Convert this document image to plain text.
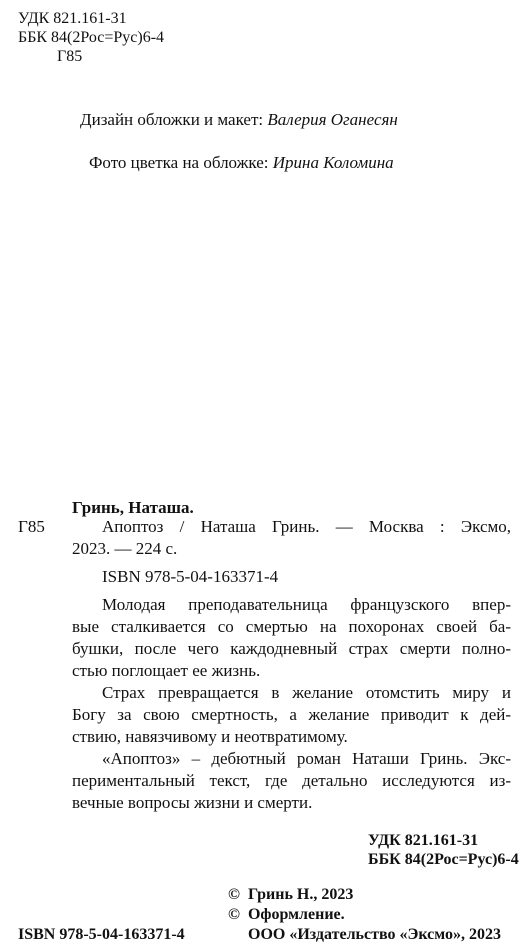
УДК 821.161-31
ББК 84(2Рос=Рус)6-4
Г85
Дизайн обложки и макет: Валерия Оганесян
Фото цветка на обложке: Ирина Коломина
Гринь, Наташа.
Г85	Апоптоз / Наташа Гринь. — Москва : Эксмо,
2023. — 224 с.
ISBN 978-5-04-163371-4
Молодая преподавательница французского впер-
вые сталкивается со смертью на похоронах своей ба-
бушки, после чего каждодневный страх смерти полно-
стью поглощает ее жизнь.
Страх превращается в желание отомстить миру и
Богу за свою смертность, а желание приводит к дей-
ствию, навязчивому и неотвратимому.
«Апоптоз» – дебютный роман Наташи Гринь. Экс-
периментальный текст, где детально исследуются из-
вечные вопросы жизни и смерти.
УДК 821.161-31
ББК 84(2Рос=Рус)6-4
© Гринь Н., 2023
© Оформление.
ООО «Издательство «Эксмо», 2023
ISBN 978-5-04-163371-4
